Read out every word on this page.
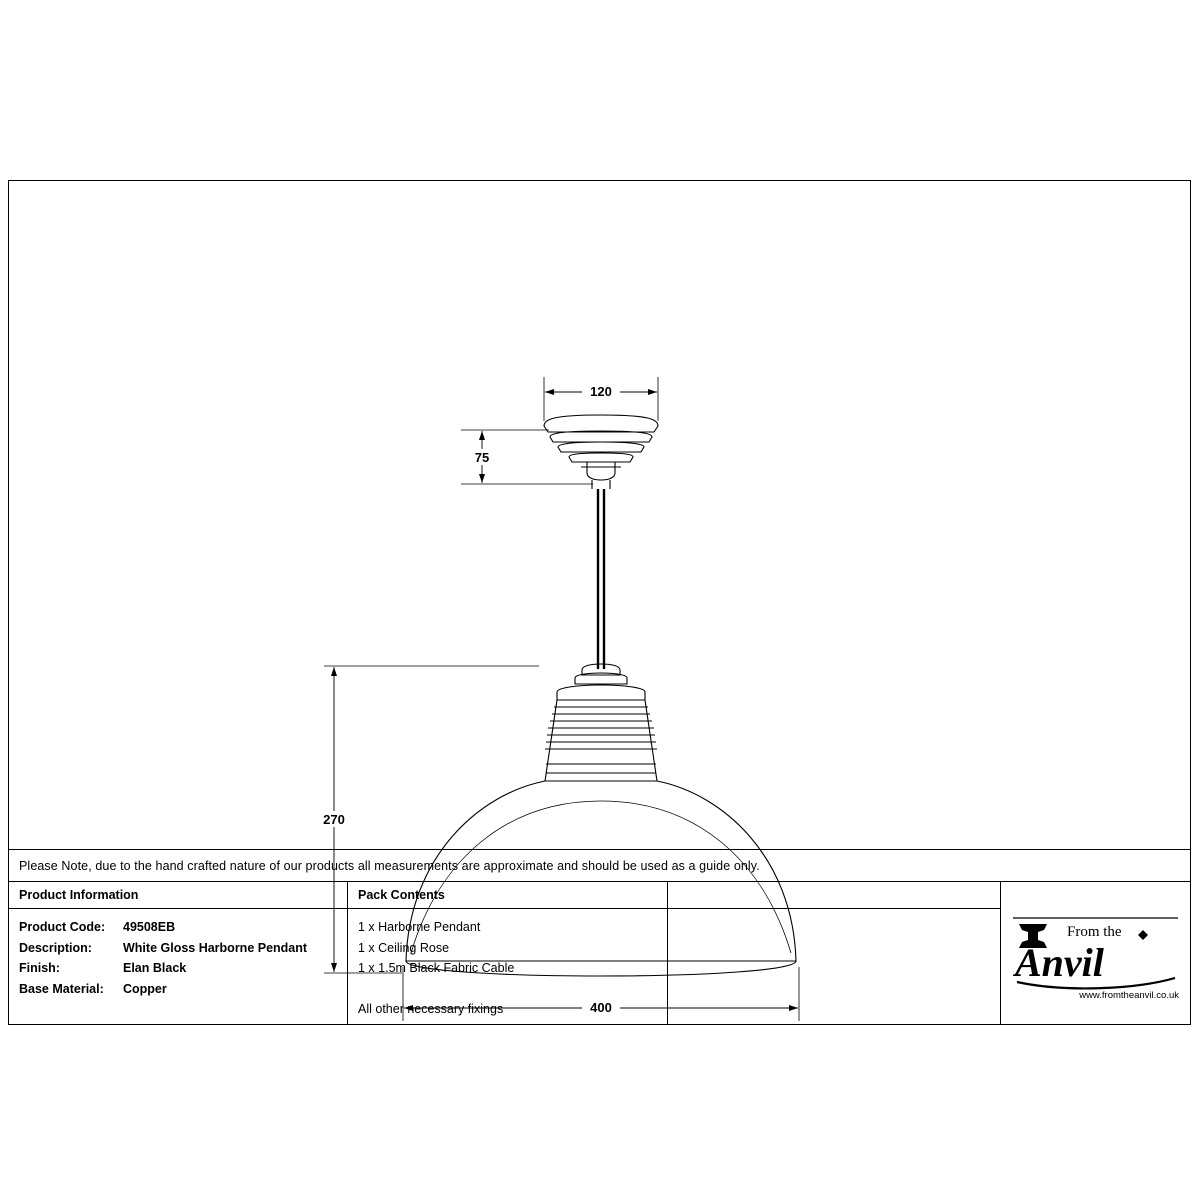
120
75
270
400
Please Note, due to the hand crafted nature of our products all measurements are approximate and should be used as a guide only.
Product Information
Product Code:	49508EB
Description:	White Gloss Harborne Pendant
Finish:	Elan Black
Base Material:	Copper
Pack Contents
1 x Harborne Pendant
1 x Ceiling Rose
1 x 1.5m Black Fabric Cable
All other necessary fixings
From the
Anvil
www.fromtheanvil.co.uk
